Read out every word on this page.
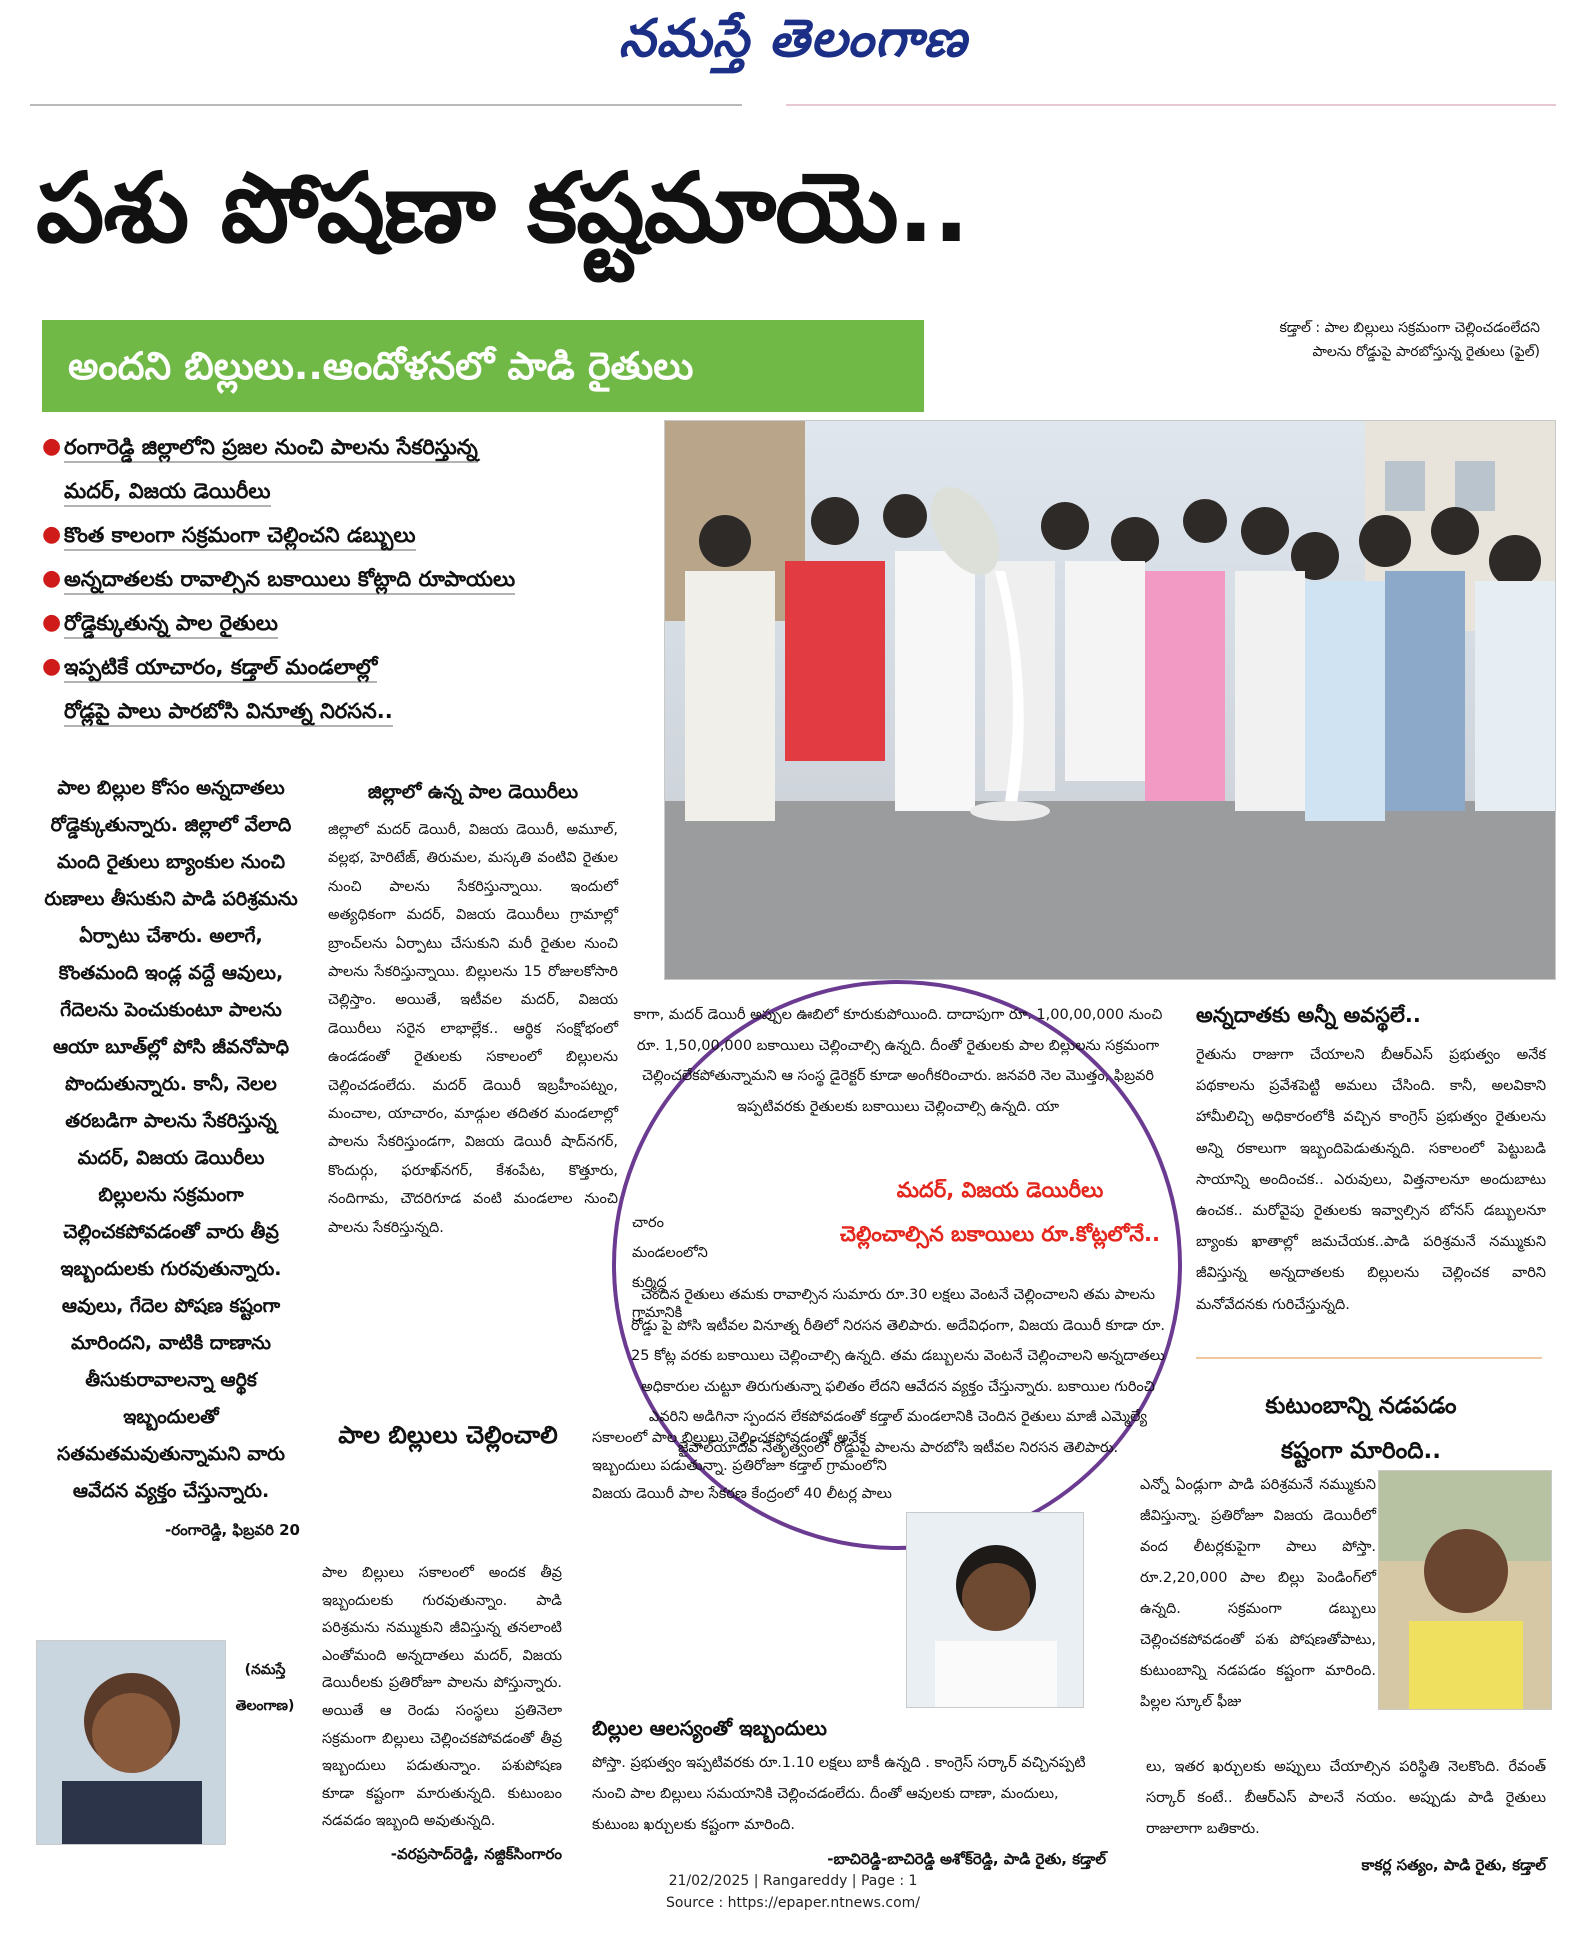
నమస్తే తెలంగాణ
పశు పోషణా కష్టమాయె..
అందని బిల్లులు..ఆందోళనలో పాడి రైతులు
కడ్తాల్ : పాల బిల్లులు సక్రమంగా చెల్లించడంలేదని
పాలను రోడ్డుపై పారబోస్తున్న రైతులు (ఫైల్)
● రంగారెడ్డి జిల్లాలోని ప్రజల నుంచి పాలను సేకరిస్తున్న
మదర్, విజయ డెయిరీలు
● కొంత కాలంగా సక్రమంగా చెల్లించని డబ్బులు
● అన్నదాతలకు రావాల్సిన బకాయిలు కోట్లాది రూపాయలు
● రోడ్డెక్కుతున్న పాల రైతులు
● ఇప్పటికే యాచారం, కడ్తాల్ మండలాల్లో
రోడ్లపై పాలు పారబోసి వినూత్న నిరసన..

పాల బిల్లుల కోసం అన్నదాతలు రోడ్డెక్కుతున్నారు. జిల్లాలో వేలాది మంది రైతులు బ్యాంకుల నుంచి రుణాలు తీసుకుని పాడి పరిశ్రమను ఏర్పాటు చేశారు. అలాగే, కొంతమంది ఇండ్ల వద్దే ఆవులు, గేదెలను పెంచుకుంటూ పాలను ఆయా బూత్‌ల్లో పోసి జీవనోపాధి పొందుతున్నారు. కానీ, నెలల తరబడిగా పాలను సేకరిస్తున్న మదర్, విజయ డెయిరీలు బిల్లులను సక్రమంగా చెల్లించకపోవడంతో వారు తీవ్ర ఇబ్బందులకు గురవుతున్నారు. ఆవులు, గేదెల పోషణ కష్టంగా మారిందని, వాటికి దాణాను తీసుకురావాలన్నా ఆర్థిక ఇబ్బందులతో సతమతమవుతున్నామని వారు ఆవేదన వ్యక్తం చేస్తున్నారు.

-రంగారెడ్డి, ఫిబ్రవరి 20
(నమస్తే
తెలంగాణ)
జిల్లాలో ఉన్న పాల డెయిరీలు

జిల్లాలో మదర్ డెయిరీ, విజయ డెయిరీ, అమూల్, వల్లభ, హెరిటేజ్, తిరుమల, మస్కతి వంటివి రైతుల నుంచి పాలను సేకరిస్తున్నాయి. ఇందులో అత్యధికంగా మదర్, విజయ డెయిరీలు గ్రామాల్లో బ్రాంచ్‌లను ఏర్పాటు చేసుకుని మరీ రైతుల నుంచి పాలను సేకరిస్తున్నాయి. బిల్లులను 15 రోజులకోసారి చెల్లిస్తాం. అయితే, ఇటీవల మదర్, విజయ డెయిరీలు సరైన లాభాల్లేక.. ఆర్థిక సంక్షోభంలో ఉండడంతో రైతులకు సకాలంలో బిల్లులను చెల్లించడంలేదు. మదర్ డెయిరీ ఇబ్రహీంపట్నం, మంచాల, యాచారం, మాడ్గుల తదితర మండలాల్లో పాలను సేకరిస్తుండగా, విజయ డెయిరీ షాద్‌నగర్, కొందుర్గు, ఫరూఖ్‌నగర్, కేశంపేట, కొత్తూరు, నందిగామ, చౌదరిగూడ వంటి మండలాల నుంచి పాలను సేకరిస్తున్నది.

పాల బిల్లులు చెల్లించాలి

పాల బిల్లులు సకాలంలో అందక తీవ్ర ఇబ్బందులకు గురవుతున్నాం. పాడి పరిశ్రమను నమ్ముకుని జీవిస్తున్న తనలాంటి ఎంతోమంది అన్నదాతలు మదర్, విజయ డెయిరీలకు ప్రతిరోజూ పాలను పోస్తున్నారు. అయితే ఆ రెండు సంస్థలు ప్రతినెలా సక్రమంగా బిల్లులు చెల్లించకపోవడంతో తీవ్ర ఇబ్బందులు పడుతున్నాం. పశుపోషణ కూడా కష్టంగా మారుతున్నది. కుటుంబం నడవడం ఇబ్బంది అవుతున్నది.

-వరప్రసాద్‌రెడ్డి, నజ్దిక్‌సింగారం

కాగా, మదర్ డెయిరీ అప్పుల ఊబిలో కూరుకుపోయింది. దాదాపుగా రూ. 1,00,00,000 నుంచి రూ. 1,50,00,000 బకాయిలు చెల్లించాల్సి ఉన్నది. దీంతో రైతులకు పాల బిల్లులను సక్రమంగా చెల్లించలేకపోతున్నామని ఆ సంస్థ డైరెక్టర్ కూడా అంగీకరించారు. జనవరి నెల మొత్తం, ఫిబ్రవరి ఇప్పటివరకు రైతులకు బకాయిలు చెల్లించాల్సి ఉన్నది. యా

చారం మండలంలోని కుర్మిద్ద గ్రామానికి

మదర్, విజయ డెయిరీలు
చెల్లించాల్సిన బకాయిలు రూ.కోట్లలోనే..

చెందిన రైతులు తమకు రావాల్సిన సుమారు రూ.30 లక్షలు వెంటనే చెల్లించాలని తమ పాలను రోడ్డు పై పోసి ఇటీవల వినూత్న రీతిలో నిరసన తెలిపారు. అదేవిధంగా, విజయ డెయిరీ కూడా రూ. 25 కోట్ల వరకు బకాయిలు చెల్లించాల్సి ఉన్నది. తమ డబ్బులను వెంటనే చెల్లించాలని అన్నదాతలు అధికారుల చుట్టూ తిరుగుతున్నా ఫలితం లేదని ఆవేదన వ్యక్తం చేస్తున్నారు. బకాయిల గురించి ఎవరిని అడిగినా స్పందన లేకపోవడంతో కడ్తాల్ మండలానికి చెందిన రైతులు మాజీ ఎమ్మెల్యే జైపాల్‌యాదవ్ నేతృత్వంలో రోడ్డుపై పాలను పారబోసి ఇటీవల నిరసన తెలిపారు.

అన్నదాతకు అన్నీ అవస్థలే..

రైతును రాజుగా చేయాలని బీఆర్‌ఎస్ ప్రభుత్వం అనేక పథకాలను ప్రవేశపెట్టి అమలు చేసింది. కానీ, అలవికాని హామీలిచ్చి అధికారంలోకి వచ్చిన కాంగ్రెస్ ప్రభుత్వం రైతులను అన్ని రకాలుగా ఇబ్బందిపెడుతున్నది. సకాలంలో పెట్టుబడి సాయాన్ని అందించక.. ఎరువులు, విత్తనాలనూ అందుబాటు ఉంచక.. మరోవైపు రైతులకు ఇవ్వాల్సిన బోనస్ డబ్బులనూ బ్యాంకు ఖాతాల్లో జమచేయక..పాడి పరిశ్రమనే నమ్ముకుని జీవిస్తున్న అన్నదాతలకు బిల్లులను చెల్లించక వారిని మనోవేదనకు గురిచేస్తున్నది.

కుటుంబాన్ని నడపడం
కష్టంగా మారింది..

ఎన్నో ఏండ్లుగా పాడి పరిశ్రమనే నమ్ముకుని జీవిస్తున్నా. ప్రతిరోజూ విజయ డెయిరీలో వంద లీటర్లకుపైగా పాలు పోస్తా. రూ.2,20,000 పాల బిల్లు పెండింగ్‌లో ఉన్నది. సక్రమంగా డబ్బులు చెల్లించకపోవడంతో పశు పోషణతోపాటు, కుటుంబాన్ని నడపడం కష్టంగా మారింది. పిల్లల స్కూల్ ఫీజు

లు, ఇతర ఖర్చులకు అప్పులు చేయాల్సిన పరిస్థితి నెలకొంది. రేవంత్ సర్కార్ కంటే.. బీఆర్‌ఎస్ పాలనే నయం. అప్పుడు పాడి రైతులు రాజులాగా బతికారు.

కాకర్ల సత్యం, పాడి రైతు, కడ్తాల్

సకాలంలో పాల బిల్లులు చెల్లించకపోవడంతో అనేక ఇబ్బందులు పడుతున్నా. ప్రతిరోజూ కడ్తాల్ గ్రామంలోని విజయ డెయిరీ పాల సేకరణ కేంద్రంలో 40 లీటర్ల పాలు

బిల్లుల ఆలస్యంతో ఇబ్బందులు

పోస్తా. ప్రభుత్వం ఇప్పటివరకు రూ.1.10 లక్షలు బాకీ ఉన్నది . కాంగ్రెస్ సర్కార్ వచ్చినప్పటి నుంచి పాల బిల్లులు సమయానికి చెల్లించడంలేదు. దీంతో ఆవులకు దాణా, మందులు, కుటుంబ ఖర్చులకు కష్టంగా మారింది.

-బాచిరెడ్డి-బాచిరెడ్డి అశోక్‌రెడ్డి, పాడి రైతు, కడ్తాల్
21/02/2025 | Rangareddy | Page : 1
Source : https://epaper.ntnews.com/
